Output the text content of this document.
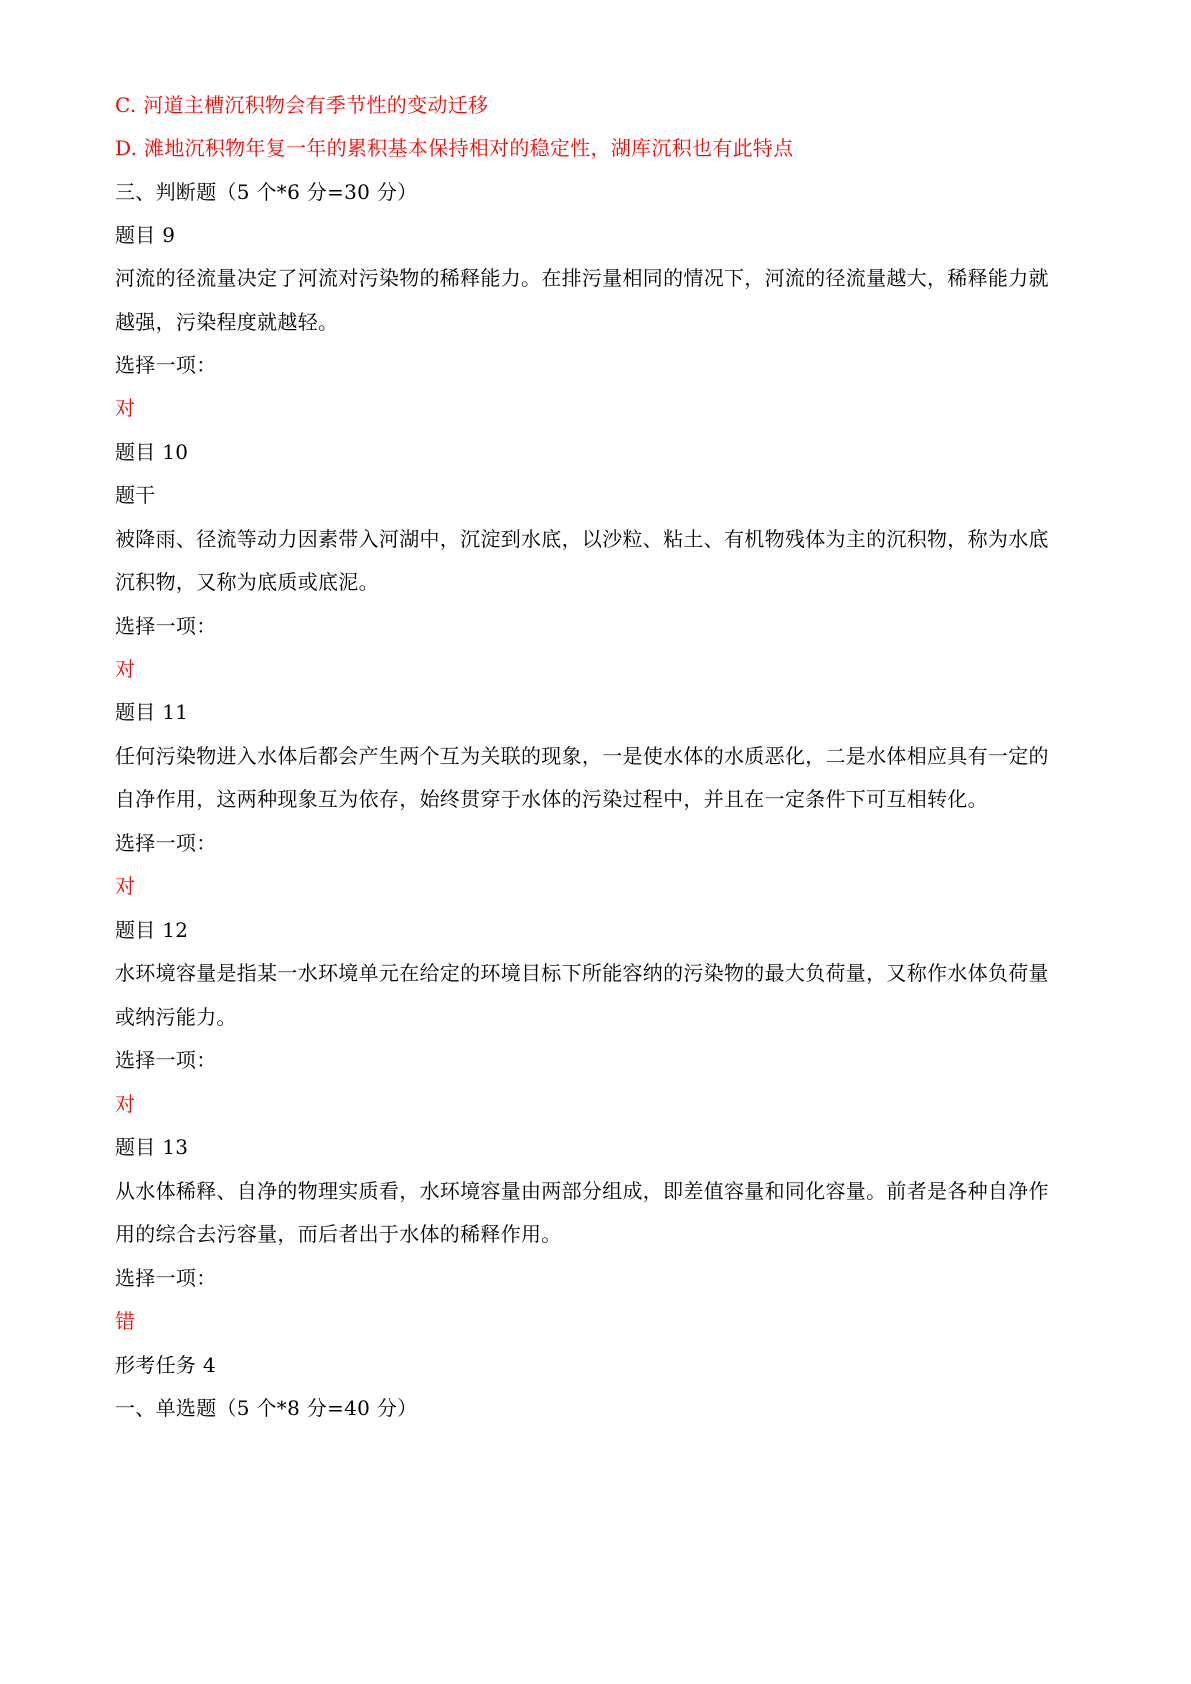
C. 河道主槽沉积物会有季节性的变动迁移
D. 滩地沉积物年复一年的累积基本保持相对的稳定性，湖库沉积也有此特点
三、判断题（5 个*6 分=30 分）
题目 9
河流的径流量决定了河流对污染物的稀释能力。在排污量相同的情况下，河流的径流量越大，稀释能力就
越强，污染程度就越轻。
选择一项：
对
题目 10
题干
被降雨、径流等动力因素带入河湖中，沉淀到水底，以沙粒、粘土、有机物残体为主的沉积物，称为水底
沉积物，又称为底质或底泥。
选择一项：
对
题目 11
任何污染物进入水体后都会产生两个互为关联的现象，一是使水体的水质恶化，二是水体相应具有一定的
自净作用，这两种现象互为依存，始终贯穿于水体的污染过程中，并且在一定条件下可互相转化。
选择一项：
对
题目 12
水环境容量是指某一水环境单元在给定的环境目标下所能容纳的污染物的最大负荷量，又称作水体负荷量
或纳污能力。
选择一项：
对
题目 13
从水体稀释、自净的物理实质看，水环境容量由两部分组成，即差值容量和同化容量。前者是各种自净作
用的综合去污容量，而后者出于水体的稀释作用。
选择一项：
错
形考任务 4
一、单选题（5 个*8 分=40 分）
